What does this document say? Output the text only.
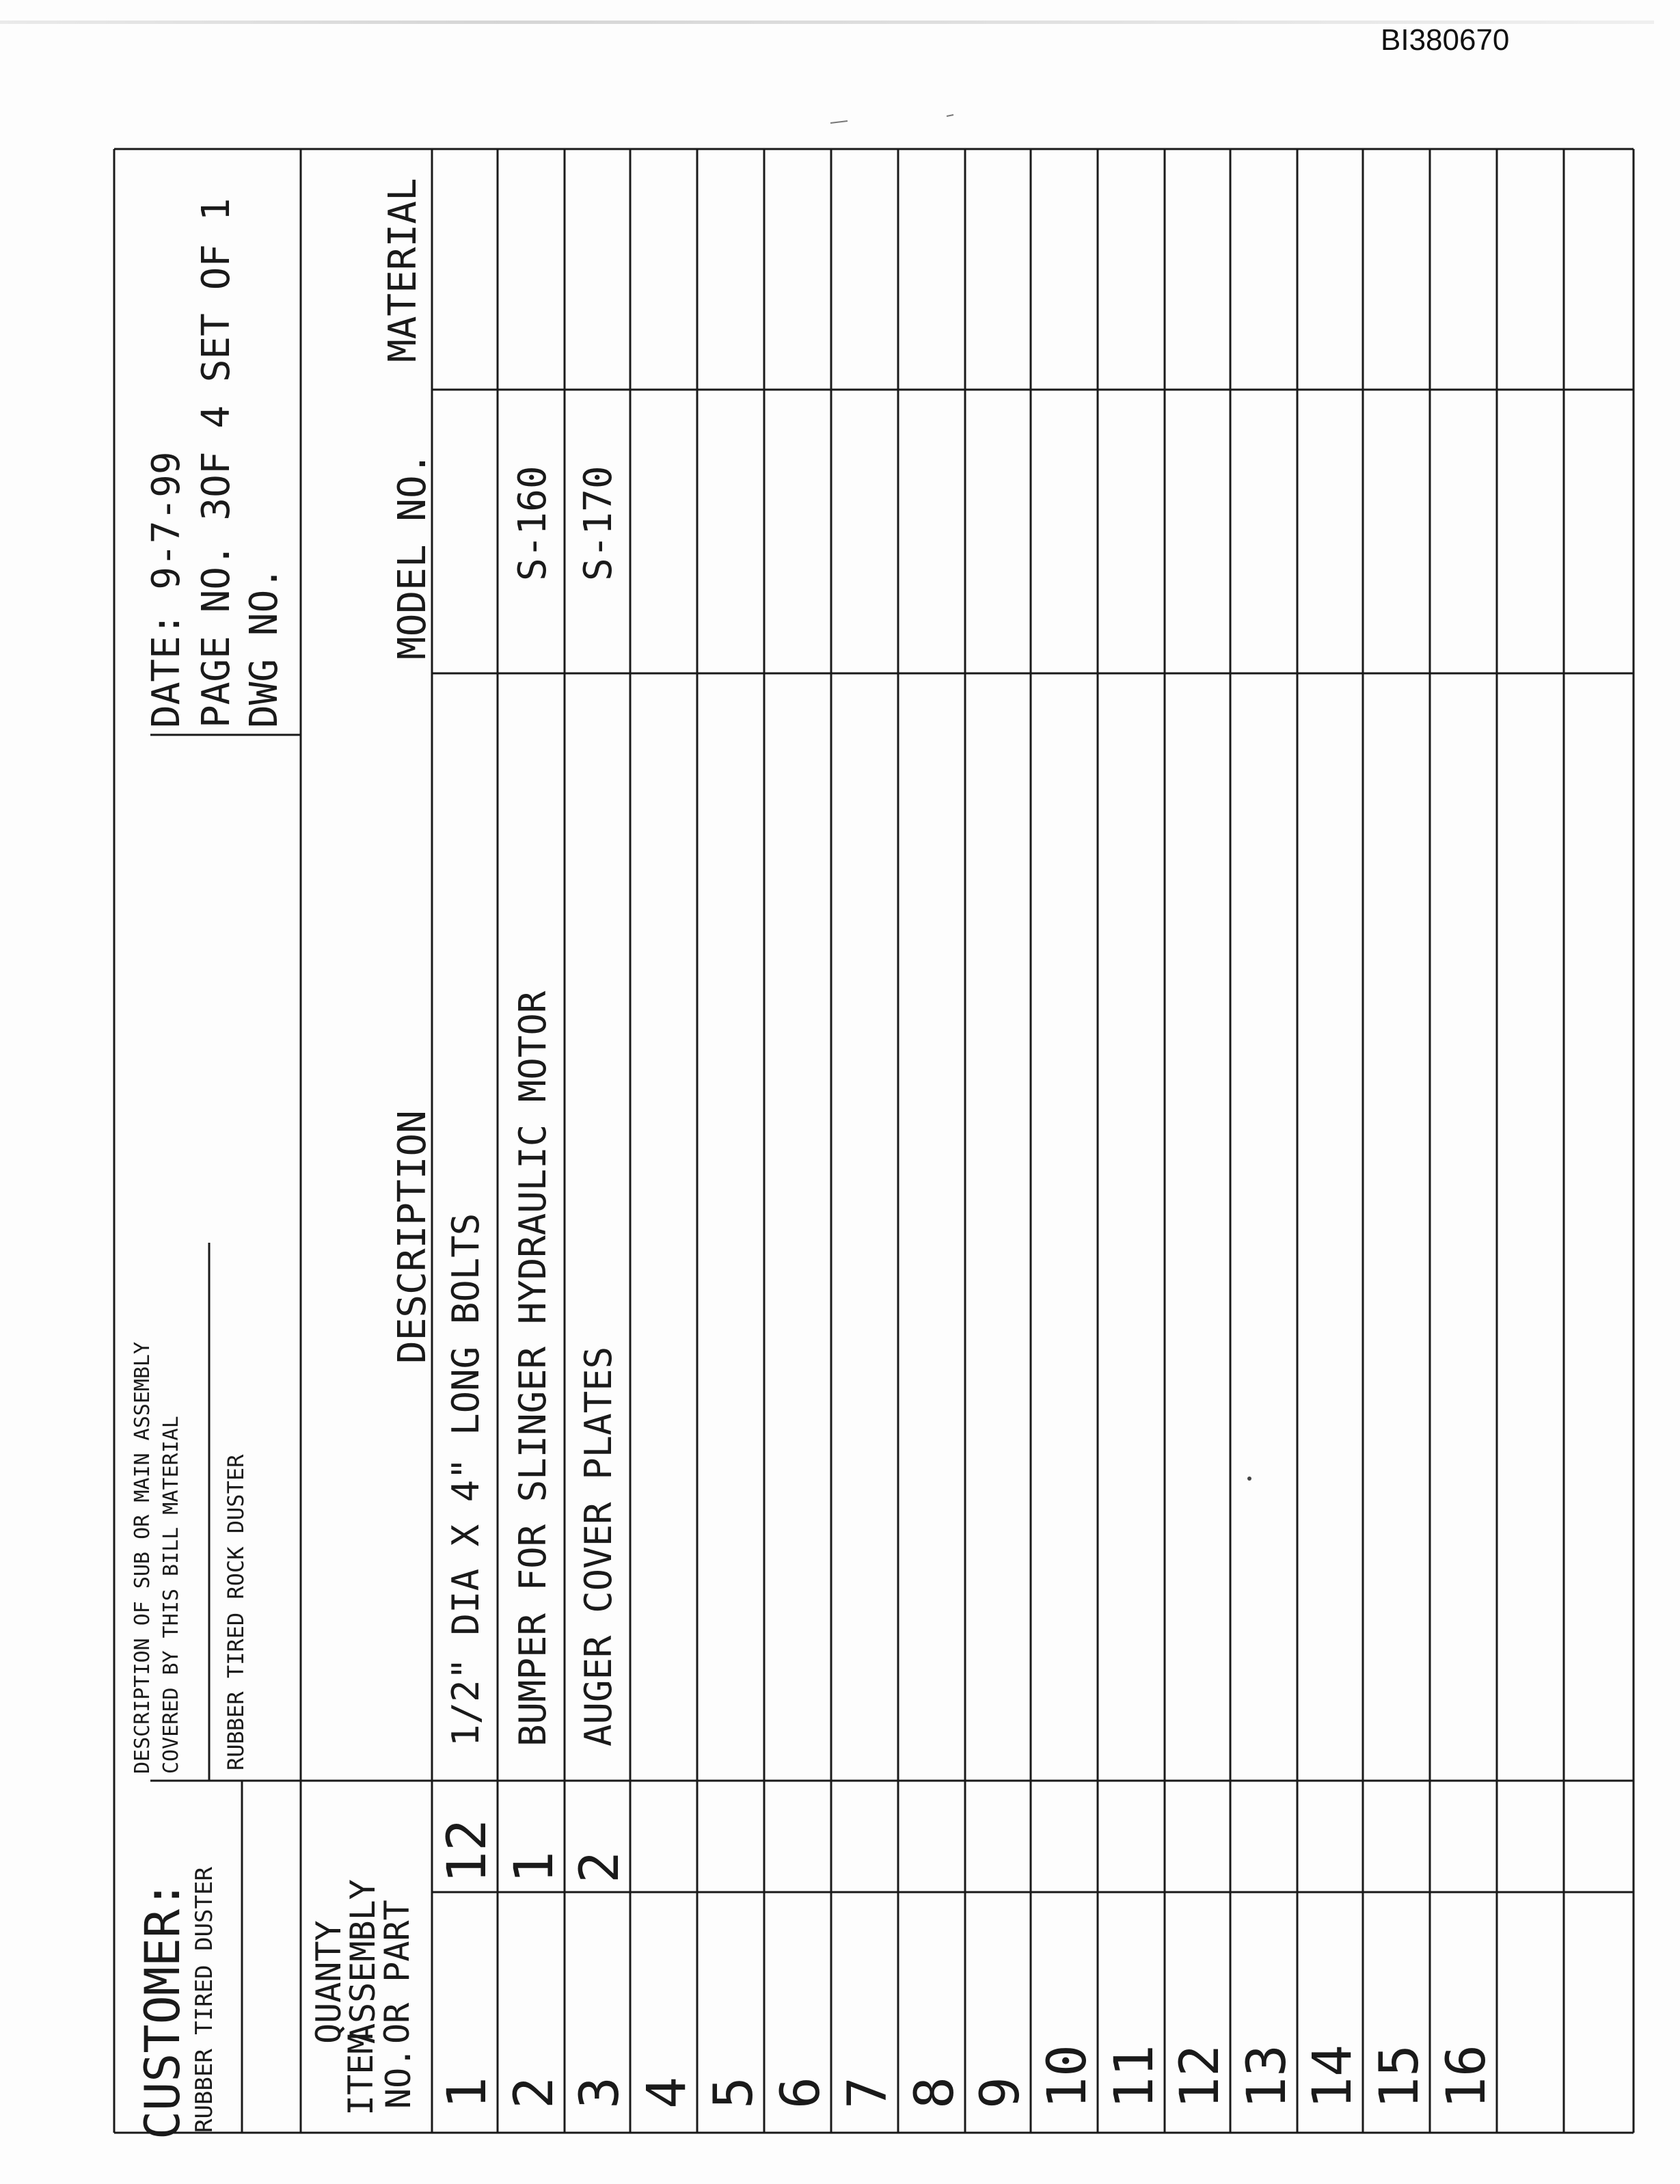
BI380670
CUSTOMER: RUBBER TIRED DUSTER
DESCRIPTION OF SUB OR MAIN ASSEMBLY COVERED BY THIS BILL MATERIAL RUBBER TIRED ROCK DUSTER
DATE: 9-7-99 PAGE NO. 3OF 4 SET OF 1 DWG NO.
ITEM
NO.
QUANTY
ASSEMBLY
OR PART
DESCRIPTION
MODEL NO.
MATERIAL
1
12
1/2" DIA X 4" LONG BOLTS
2
1
BUMPER FOR SLINGER HYDRAULIC MOTOR
S-160
3
2
AUGER COVER PLATES
S-170
4 5 6 7 8 9 10 11 12 13 14 15 16
